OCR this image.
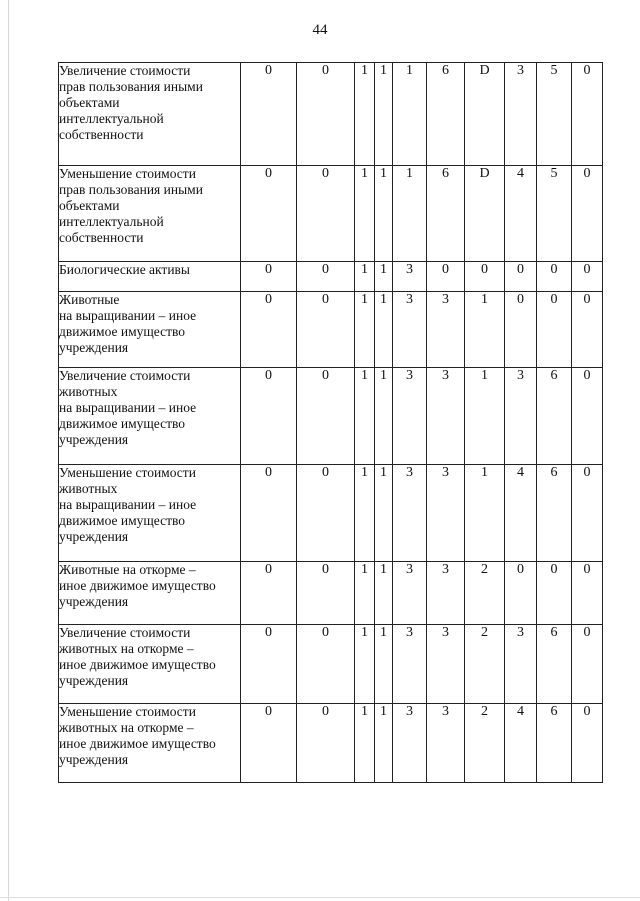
44
Увеличение стоимости
прав пользования иными
объектами
интеллектуальной
собственности	0	0	1	1	1	6	D	3	5	0
Уменьшение стоимости
прав пользования иными
объектами
интеллектуальной
собственности	0	0	1	1	1	6	D	4	5	0
Биологические активы	0	0	1	1	3	0	0	0	0	0
Животные
на выращивании – иное
движимое имущество
учреждения	0	0	1	1	3	3	1	0	0	0
Увеличение стоимости
животных
на выращивании – иное
движимое имущество
учреждения	0	0	1	1	3	3	1	3	6	0
Уменьшение стоимости
животных
на выращивании – иное
движимое имущество
учреждения	0	0	1	1	3	3	1	4	6	0
Животные на откорме –
иное движимое имущество
учреждения	0	0	1	1	3	3	2	0	0	0
Увеличение стоимости
животных на откорме –
иное движимое имущество
учреждения	0	0	1	1	3	3	2	3	6	0
Уменьшение стоимости
животных на откорме –
иное движимое имущество
учреждения	0	0	1	1	3	3	2	4	6	0
